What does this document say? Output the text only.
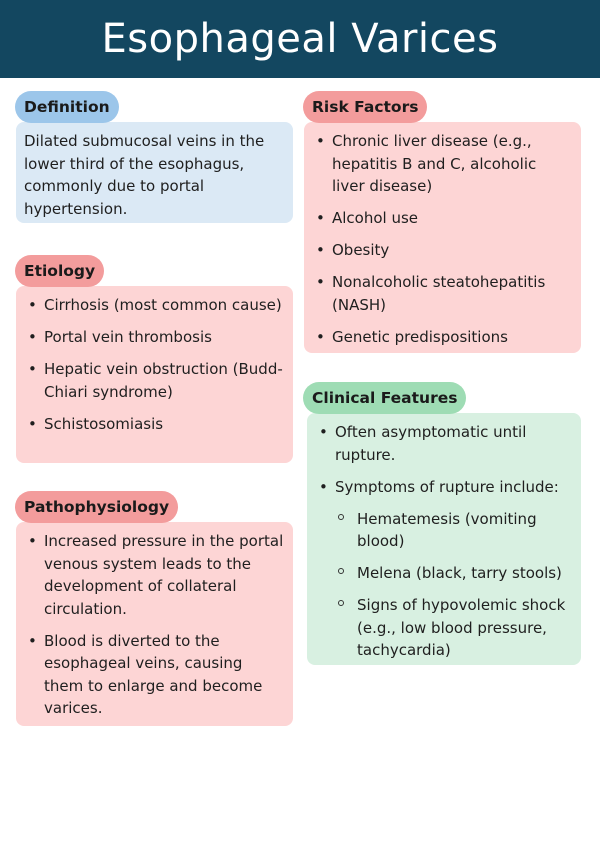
Esophageal Varices
Dilated submucosal veins in the lower third of the esophagus, commonly due to portal hypertension.
Definition
• Cirrhosis (most common cause)
• Portal vein thrombosis
• Hepatic vein obstruction (Budd-Chiari syndrome)
• Schistosomiasis
Etiology
• Increased pressure in the portal venous system leads to the development of collateral circulation.
• Blood is diverted to the esophageal veins, causing them to enlarge and become varices.
Pathophysiology
• Chronic liver disease (e.g., hepatitis B and C, alcoholic liver disease)
• Alcohol use
• Obesity
• Nonalcoholic steatohepatitis (NASH)
• Genetic predispositions
Risk Factors
• Often asymptomatic until rupture.
• Symptoms of rupture include:
Hematemesis (vomiting blood)
Melena (black, tarry stools)
Signs of hypovolemic shock (e.g., low blood pressure, tachycardia)
Clinical Features
